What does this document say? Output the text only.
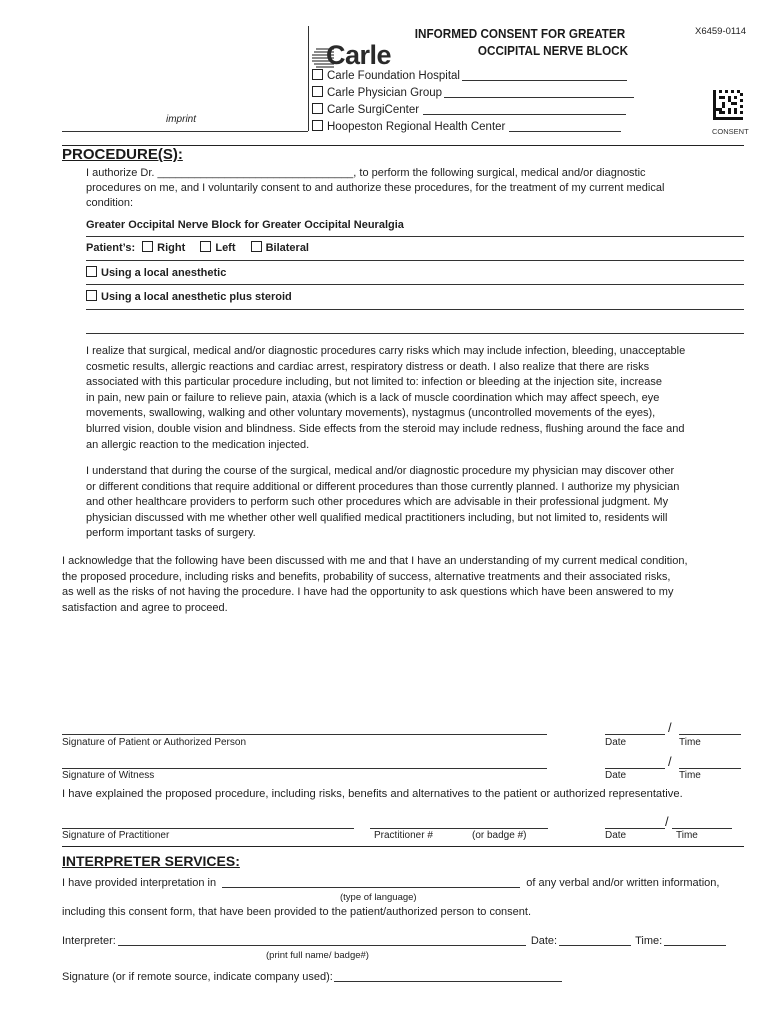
imprint
Carle
INFORMED CONSENT FOR GREATER
OCCIPITAL NERVE BLOCK
X6459-0114
Carle Foundation Hospital
Carle Physician Group
Carle SurgiCenter
Hoopeston Regional Health Center	CONSENT
PROCEDURE(S):
I authorize Dr. ________________________________, to perform the following surgical, medical and/or diagnostic
procedures on me, and I voluntarily consent to and authorize these procedures, for the treatment of my current medical
condition:
Greater Occipital Nerve Block for Greater Occipital Neuralgia
Patient’s: Right	Left	Bilateral
Using a local anesthetic
Using a local anesthetic plus steroid
I realize that surgical, medical and/or diagnostic procedures carry risks which may include infection, bleeding, unacceptable
cosmetic results, allergic reactions and cardiac arrest, respiratory distress or death. I also realize that there are risks
associated with this particular procedure including, but not limited to: infection or bleeding at the injection site, increase
in pain, new pain or failure to relieve pain, ataxia (which is a lack of muscle coordination which may affect speech, eye
movements, swallowing, walking and other voluntary movements), nystagmus (uncontrolled movements of the eyes),
blurred vision, double vision and blindness. Side effects from the steroid may include redness, flushing around the face and
an allergic reaction to the medication injected.
I understand that during the course of the surgical, medical and/or diagnostic procedure my physician may discover other
or different conditions that require additional or different procedures than those currently planned. I authorize my physician
and other healthcare providers to perform such other procedures which are advisable in their professional judgment. My
physician discussed with me whether other well qualified medical practitioners including, but not limited to, residents will
perform important tasks of surgery.
I acknowledge that the following have been discussed with me and that I have an understanding of my current medical condition,
the proposed procedure, including risks and benefits, probability of success, alternative treatments and their associated risks,
as well as the risks of not having the procedure. I have had the opportunity to ask questions which have been answered to my
satisfaction and agree to proceed.
Signature of Patient or Authorized Person
/
Date	Time
Signature of Witness
/
Date	Time
I have explained the proposed procedure, including risks, benefits and alternatives to the patient or authorized representative.
Signature of Practitioner	Practitioner #	(or badge #)
/
Date	Time
INTERPRETER SERVICES:
I have provided interpretation in	of any verbal and/or written information,
(type of language)
including this consent form, that have been provided to the patient/authorized person to consent.
Interpreter:	Date:	Time:
(print full name/ badge#)
Signature (or if remote source, indicate company used):
